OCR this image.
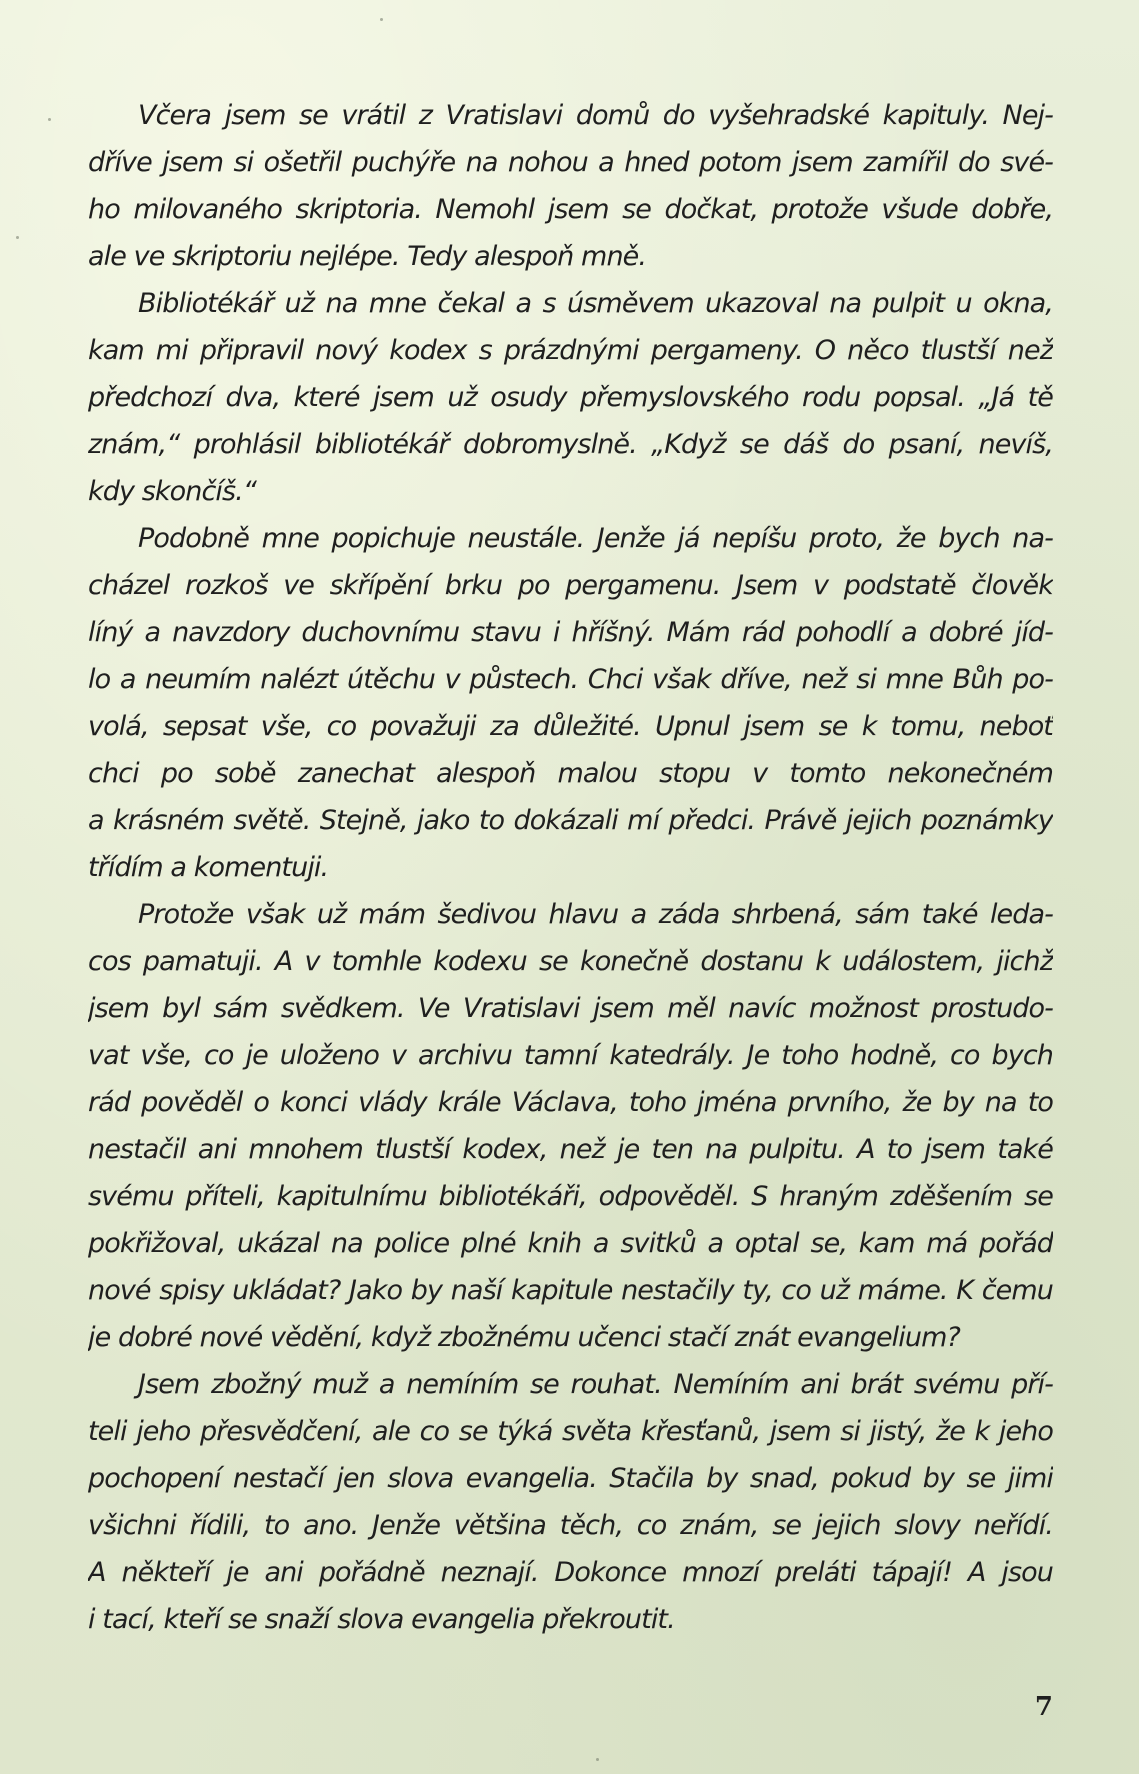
Včera jsem se vrátil z Vratislavi domů do vyšehradské kapituly. Nej-
dříve jsem si ošetřil puchýře na nohou a hned potom jsem zamířil do své-
ho milovaného skriptoria. Nemohl jsem se dočkat, protože všude dobře,
ale ve skriptoriu nejlépe. Tedy alespoň mně.
Bibliotékář už na mne čekal a s úsměvem ukazoval na pulpit u okna,
kam mi připravil nový kodex s prázdnými pergameny. O něco tlustší než
předchozí dva, které jsem už osudy přemyslovského rodu popsal. „Já tě
znám,“ prohlásil bibliotékář dobromyslně. „Když se dáš do psaní, nevíš,
kdy skončíš.“
Podobně mne popichuje neustále. Jenže já nepíšu proto, že bych na-
cházel rozkoš ve skřípění brku po pergamenu. Jsem v podstatě člověk
líný a navzdory duchovnímu stavu i hříšný. Mám rád pohodlí a dobré jíd-
lo a neumím nalézt útěchu v půstech. Chci však dříve, než si mne Bůh po-
volá, sepsat vše, co považuji za důležité. Upnul jsem se k tomu, neboť
chci po sobě zanechat alespoň malou stopu v tomto nekonečném
a krásném světě. Stejně, jako to dokázali mí předci. Právě jejich poznámky
třídím a komentuji.
Protože však už mám šedivou hlavu a záda shrbená, sám také leda-
cos pamatuji. A v tomhle kodexu se konečně dostanu k událostem, jichž
jsem byl sám svědkem. Ve Vratislavi jsem měl navíc možnost prostudo-
vat vše, co je uloženo v archivu tamní katedrály. Je toho hodně, co bych
rád pověděl o konci vlády krále Václava, toho jména prvního, že by na to
nestačil ani mnohem tlustší kodex, než je ten na pulpitu. A to jsem také
svému příteli, kapitulnímu bibliotékáři, odpověděl. S hraným zděšením se
pokřižoval, ukázal na police plné knih a svitků a optal se, kam má pořád
nové spisy ukládat? Jako by naší kapitule nestačily ty, co už máme. K čemu
je dobré nové vědění, když zbožnému učenci stačí znát evangelium?
Jsem zbožný muž a nemíním se rouhat. Nemíním ani brát svému pří-
teli jeho přesvědčení, ale co se týká světa křesťanů, jsem si jistý, že k jeho
pochopení nestačí jen slova evangelia. Stačila by snad, pokud by se jimi
všichni řídili, to ano. Jenže většina těch, co znám, se jejich slovy neřídí.
A někteří je ani pořádně neznají. Dokonce mnozí preláti tápají! A jsou
i tací, kteří se snaží slova evangelia překroutit.
7
